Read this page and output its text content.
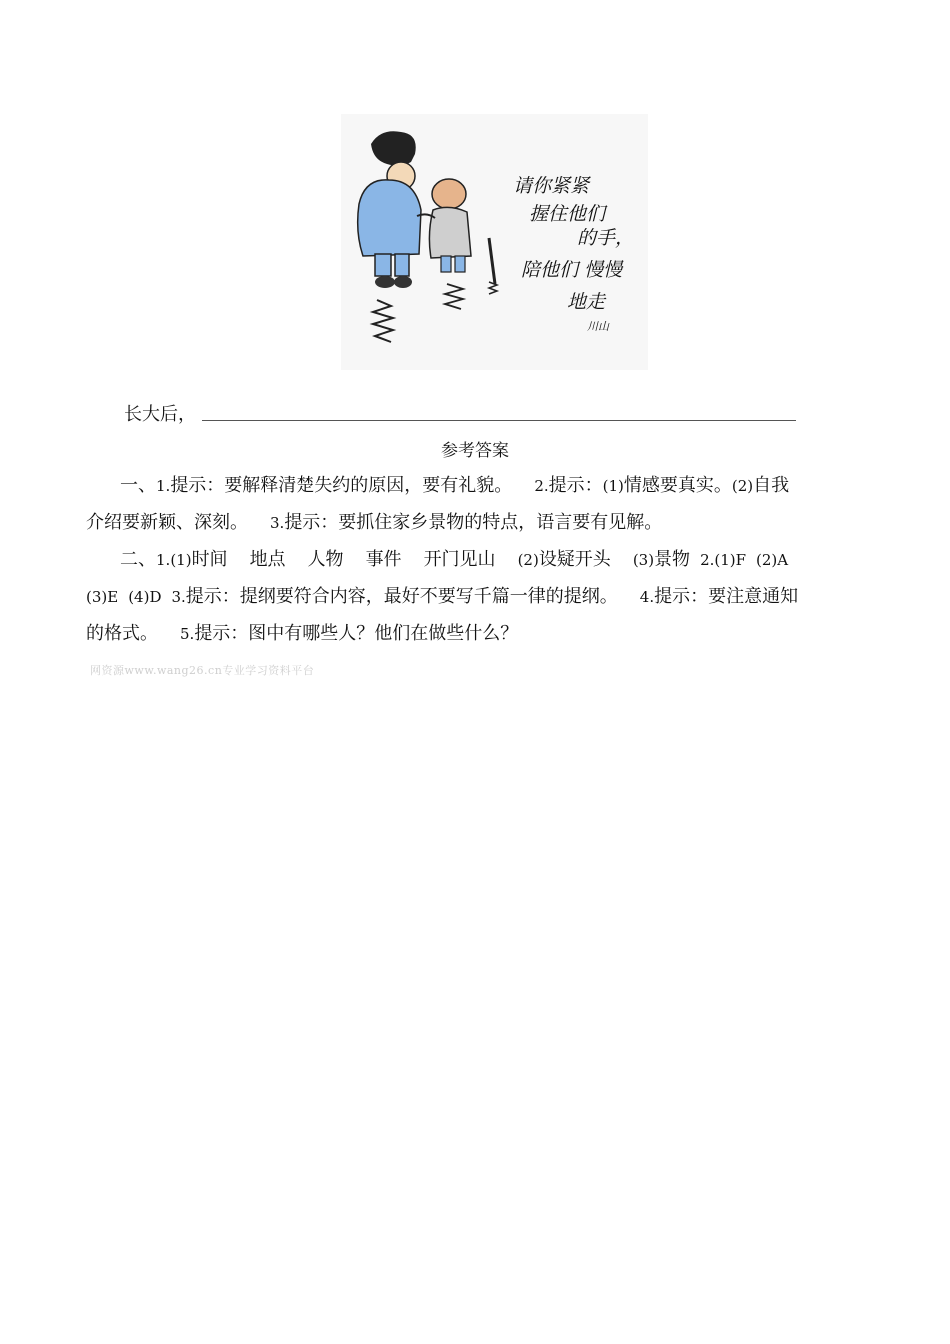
请你紧紧
握住他们
的手，
陪他们 慢慢
地走
川山
长大后，
参考答案
一、1.提示：要解释清楚失约的原因，要有礼貌。 2.提示：(1)情感要真实。(2)自我
介绍要新颖、深刻。 3.提示：要抓住家乡景物的特点，语言要有见解。
二、1.(1)时间 地点 人物 事件 开门见山 (2)设疑开头 (3)景物 2.(1)F (2)A
(3)E (4)D 3.提示：提纲要符合内容，最好不要写千篇一律的提纲。 4.提示：要注意通知
的格式。 5.提示：图中有哪些人？他们在做些什么？
网资源www.wang26.cn专业学习资料平台
